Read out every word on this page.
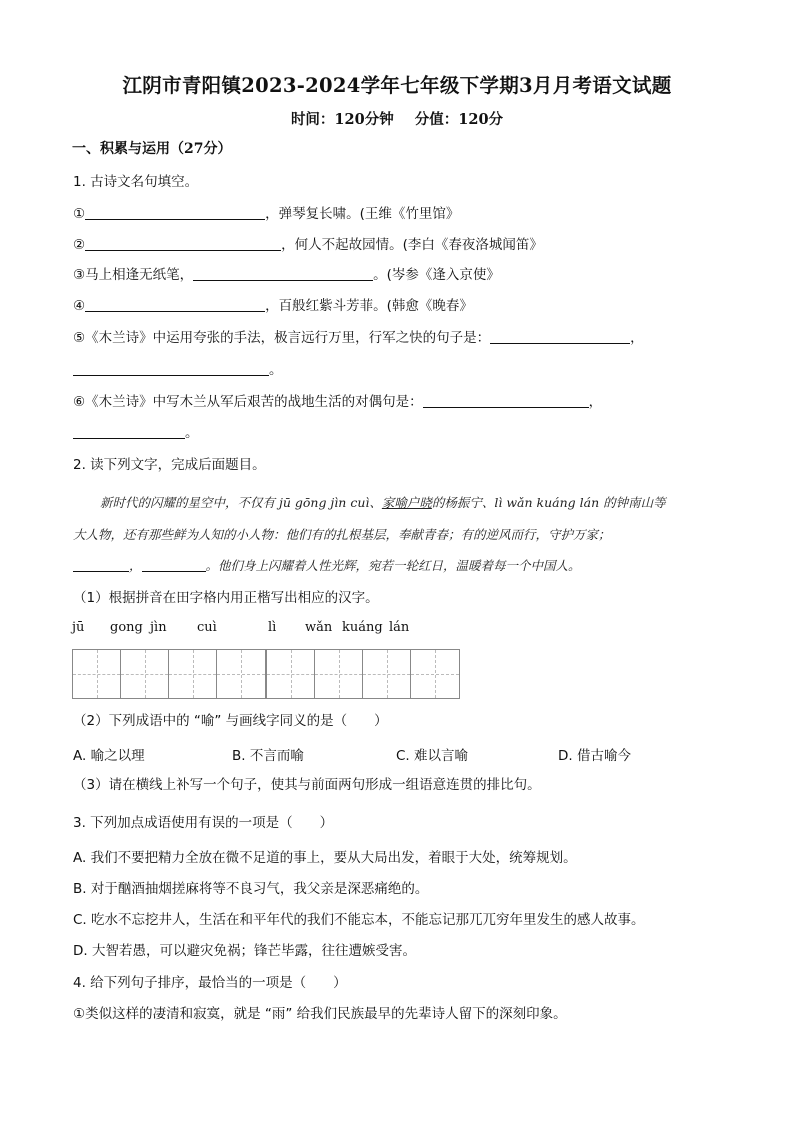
江阴市青阳镇2023-2024学年七年级下学期3月月考语文试题
时间：120分钟 分值：120分
一、积累与运用（27分）
1. 古诗文名句填空。
①	，弹琴复长啸。(王维《竹里馆》
②	，何人不起故园情。(李白《春夜洛城闻笛》
③马上相逢无纸笔，	。(岑参《逢入京使》
④	，百般红紫斗芳菲。(韩愈《晚春》
⑤《木兰诗》中运用夸张的手法，极言远行万里，行军之快的句子是：	，
。
⑥《木兰诗》中写木兰从军后艰苦的战地生活的对偶句是：	，
。
2. 读下列文字，完成后面题目。
新时代的闪耀的星空中，不仅有 jū gōng jìn cuì、家喻户晓的杨振宁、lì wǎn kuáng lán 的钟南山等
大人物，还有那些鲜为人知的小人物：他们有的扎根基层，奉献青春；有的逆风而行，守护万家；
，	。他们身上闪耀着人性光辉，宛若一轮红日，温暖着每一个中国人。
（1）根据拼音在田字格内用正楷写出相应的汉字。
jū gong jìn cuì	lì wǎn kuáng lán
（2）下列成语中的 “喻” 与画线字同义的是（　　）
A. 喻之以理	B. 不言而喻	C. 难以言喻	D. 借古喻今
（3）请在横线上补写一个句子，使其与前面两句形成一组语意连贯的排比句。
3. 下列加点成语使用有误的一项是（　　）
A. 我们不要把精力全放在微不足道的事上，要从大局出发，着眼于大处，统筹规划。
B. 对于酗酒抽烟搓麻将等不良习气，我父亲是深恶痛绝的。
C. 吃水不忘挖井人，生活在和平年代的我们不能忘本，不能忘记那兀兀穷年里发生的感人故事。
D. 大智若愚，可以避灾免祸；锋芒毕露，往往遭嫉受害。
4. 给下列句子排序，最恰当的一项是（　　）
①类似这样的凄清和寂寞，就是 “雨” 给我们民族最早的先辈诗人留下的深刻印象。
